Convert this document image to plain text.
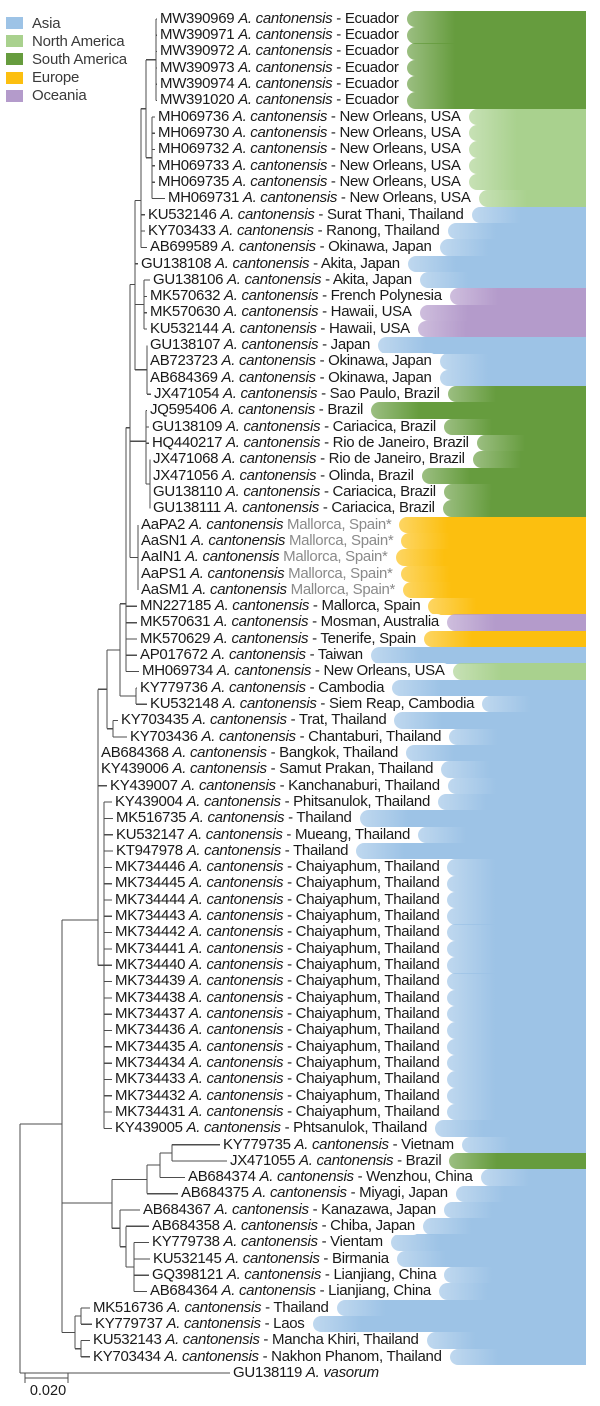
Asia
North America
South America
Europe
Oceania
MW390969 A. cantonensis - Ecuador
MW390971 A. cantonensis - Ecuador
MW390972 A. cantonensis - Ecuador
MW390973 A. cantonensis - Ecuador
MW390974 A. cantonensis - Ecuador
MW391020 A. cantonensis - Ecuador
MH069736 A. cantonensis - New Orleans, USA
MH069730 A. cantonensis - New Orleans, USA
MH069732 A. cantonensis - New Orleans, USA
MH069733 A. cantonensis - New Orleans, USA
MH069735 A. cantonensis - New Orleans, USA
MH069731 A. cantonensis - New Orleans, USA
KU532146 A. cantonensis - Surat Thani, Thailand
KY703433 A. cantonensis - Ranong, Thailand
AB699589 A. cantonensis - Okinawa, Japan
GU138108 A. cantonensis - Akita, Japan
GU138106 A. cantonensis - Akita, Japan
MK570632 A. cantonensis - French Polynesia
MK570630 A. cantonensis - Hawaii, USA
KU532144 A. cantonensis - Hawaii, USA
GU138107 A. cantonensis - Japan
AB723723 A. cantonensis - Okinawa, Japan
AB684369 A. cantonensis - Okinawa, Japan
JX471054 A. cantonensis - Sao Paulo, Brazil
JQ595406 A. cantonensis - Brazil
GU138109 A. cantonensis - Cariacica, Brazil
HQ440217 A. cantonensis - Rio de Janeiro, Brazil
JX471068 A. cantonensis - Rio de Janeiro, Brazil
JX471056 A. cantonensis - Olinda, Brazil
GU138110 A. cantonensis - Cariacica, Brazil
GU138111 A. cantonensis - Cariacica, Brazil
AaPA2 A. cantonensis Mallorca, Spain*
AaSN1 A. cantonensis Mallorca, Spain*
AaIN1 A. cantonensis Mallorca, Spain*
AaPS1 A. cantonensis Mallorca, Spain*
AaSM1 A. cantonensis Mallorca, Spain*
MN227185 A. cantonensis - Mallorca, Spain
MK570631 A. cantonensis - Mosman, Australia
MK570629 A. cantonensis - Tenerife, Spain
AP017672 A. cantonensis - Taiwan
MH069734 A. cantonensis - New Orleans, USA
KY779736 A. cantonensis - Cambodia
KU532148 A. cantonensis - Siem Reap, Cambodia
KY703435 A. cantonensis - Trat, Thailand
KY703436 A. cantonensis - Chantaburi, Thailand
AB684368 A. cantonensis - Bangkok, Thailand
KY439006 A. cantonensis - Samut Prakan, Thailand
KY439007 A. cantonensis - Kanchanaburi, Thailand
KY439004 A. cantonensis - Phitsanulok, Thailand
MK516735 A. cantonensis - Thailand
KU532147 A. cantonensis - Mueang, Thailand
KT947978 A. cantonensis - Thailand
MK734446 A. cantonensis - Chaiyaphum, Thailand
MK734445 A. cantonensis - Chaiyaphum, Thailand
MK734444 A. cantonensis - Chaiyaphum, Thailand
MK734443 A. cantonensis - Chaiyaphum, Thailand
MK734442 A. cantonensis - Chaiyaphum, Thailand
MK734441 A. cantonensis - Chaiyaphum, Thailand
MK734440 A. cantonensis - Chaiyaphum, Thailand
MK734439 A. cantonensis - Chaiyaphum, Thailand
MK734438 A. cantonensis - Chaiyaphum, Thailand
MK734437 A. cantonensis - Chaiyaphum, Thailand
MK734436 A. cantonensis - Chaiyaphum, Thailand
MK734435 A. cantonensis - Chaiyaphum, Thailand
MK734434 A. cantonensis - Chaiyaphum, Thailand
MK734433 A. cantonensis - Chaiyaphum, Thailand
MK734432 A. cantonensis - Chaiyaphum, Thailand
MK734431 A. cantonensis - Chaiyaphum, Thailand
KY439005 A. cantonensis - Phtsanulok, Thailand
KY779735 A. cantonensis - Vietnam
JX471055 A. cantonensis - Brazil
AB684374 A. cantonensis - Wenzhou, China
AB684375 A. cantonensis - Miyagi, Japan
AB684367 A. cantonensis - Kanazawa, Japan
AB684358 A. cantonensis - Chiba, Japan
KY779738 A. cantonensis - Vientam
KU532145 A. cantonensis - Birmania
GQ398121 A. cantonensis - Lianjiang, China
AB684364 A. cantonensis - Lianjiang, China
MK516736 A. cantonensis - Thailand
KY779737 A. cantonensis - Laos
KU532143 A. cantonensis - Mancha Khiri, Thailand
KY703434 A. cantonensis - Nakhon Phanom, Thailand
GU138119 A. vasorum
0.020
